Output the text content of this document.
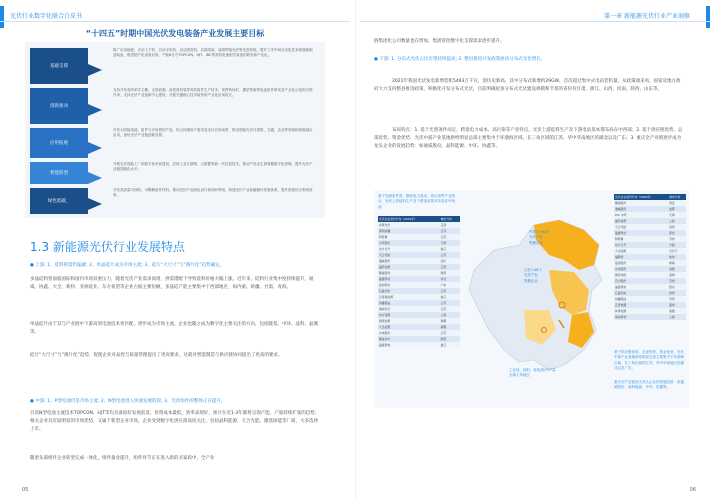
光伏行业数字化联合白皮书
“十四五”时期中国光伏发电装备产业发展主要目标
基础支撑
推广应用地面、自动上下料、自动平布机、自动清洗机、双面组装、双面焊接光伏等先进传统，提升工序中间自动化技术和智能制造装备，推进国产化设备应用、产能6分万TOPCON、HJT、IBC等高效电池相关装备的研发和产业化。
创新驱动
支持开发高效率多主栅、无损切割、高密度封装等高效组件生产技术；发挥钙钛矿、叠层等新型电池组件研发及产业化示范的引领作用，支持光伏产业创新中心建设，开展关键核心技术研发和产业化应用攻关。
应用拓展
开发太阳能电池、组件与多场景的产品，结合终端用户需求及光伏应用场景，推动智能光伏在建筑、交通、农业等领域的深度融合应用，加快光伏产业链创新发展。
智能转型
开展光伏智能工厂和数字化车间建设，应用工业互联网、大数据等新一代信息技术，推动产品全生命周期数字化管理，提升光伏产业链智能化水平。
绿色低碳，
开发高质量可回收、可降解组件材料，推动光伏产品绿色设计和回收利用，构建光伏产业低碳循环发展体系，提升资源综合利用效率。
1.3 新能源光伏行业发展特点
● 上游: 1、硅料供需仍偏紧; 2、单晶硅片成为市场主流; 3、硅片“大尺寸”与“薄片化”趋势确定。
多晶硅料曾面临国际和国内市场双重压力，随着光伏产业需求高增，供需错配下导致硅料价格大幅上涨。近年来，硅料行业集中度持续提升，通威、协鑫、大全、新特、亚洲硅业、东方希望等企业占据主要份额，多晶硅产能主要集中于西部地区，如内蒙、新疆、甘肃、青海。
单晶硅片由于其与产业链中下游高效电池技术更匹配，逐步成为市场主流。企业也随之成为数字化主要关注的方向，包括隆基、中环、晶科、晶澳等。
硅片“大尺寸”与“薄片化”趋势，促使企业对品控与质量管理提出了更高要求，这就对智能制造与供应链协同提出了更高的要求。
● 中游: 1、P型电池仍是市场主流; 2、N型电池进入快速发展阶段; 3、光伏组件的整体正在提升。
目前N型电池主流技术TOPCON、HJT等均具备较好发展前景，投资成本最低，效率表现好，预计在近1-3年都将呈现产能、产量持续扩张的趋势；相关企业具有较明显的市场优势，又属于新型企业市场，企业受到数字化供应商高度关注，包括晶科能源、天合光能、隆基绿能等厂商，大多选择上市。
随着头部组件企业转型完成一体化，组件量业提升，组件环节正在进入新的买家段中，全产业
05
第一章 新能源光伏行业产业洞察
链集团化公司数量也在增加，集团管控数字化支撑需求逐步提升。
● 下游: 1. 分布式光伏占比有望持续提高; 2. 整县推进开发政策驱动分布式光伏增长。
2021年我国光伏发电新增装机5493万千瓦，创历史新高，其中分布式新增约29GW，首次超过集中式电站装机量。从政策端来看，国家及地方政府大力支持整县推进政策，积极化开发分布式光伏，目前明确屋顶分布式光伏建设规模和节奏的省份有甘肃、浙江、山西、河南、陕西、山东等。
布局特点：1. 基于光照条件而定，跨低电力成本、高污染等产业特点，光伏上游硅料生产及下游电站基本都布局在中西部；2. 基于供应链优势、总部优势、资金优势、光伏中游产业基地供给明显总部主要集中于环渤海区域、长三角区域的江苏、华中华南地区的湖北以及广东；3. 重庆全产业链逐步成为龙头企业的发展趋势：如通威股份、晶科能源、中环、协鑫等。
基于光照条件资，降低电力成本、高污染等产业特点，光伏上游硅料生产及下游电站基本布局在中西部
光伏企业省份分布（2021年）	城市分布
东辉光伏	江西
保利协鑫	江苏
阿特斯	江苏
中环股份	天津
东方日升	浙江
天合光能	江苏
通威股份	四川
晶科能源	江西
隆基股份	陕西
晶澳科技	河北
爱旭科技	广东
亿晶光电	江苏
正泰新能源	浙江
协鑫集成	江苏
海润光伏	江苏
东方希望	上海
新特能源	新疆
大全能源	新疆
中来股份	江苏
隆基乐叶	陕西
晶盛机电	浙江
内蒙古+85个
光伏产业
集聚企业
江苏+48个
光伏产业
集聚企业
工业硅、硅料、硅锭/硅片产量
全球主导地区
光伏企业省份分布（2021年）	城市分布
隆基股份	西安
通威股份	成都
TCL 中环	天津
晶科能源	上饶
天合光能	常州
晶澳科技	邢台
阿特斯	苏州
东方日升	宁波
大全能源	石河子
福斯特	杭州
爱旭股份	珠海
中来股份	常熟
捷佳伟创	深圳
迈为股份	苏州
晶盛机电	绍兴
亿晶光电	常州
协鑫集成	苏州
正泰电器	温州
林洋能源	南通
海优新材	上海
基于供应链优势、总部优势、资金优势，光伏中游产业基地供给明显总部主要集中于环渤海区域、长三角区域的江苏、华中华南地区的湖北以及广东。
重庆全产业链成为龙头企业的发展趋势：如通威股份、晶科能源、中环、协鑫等。
06
